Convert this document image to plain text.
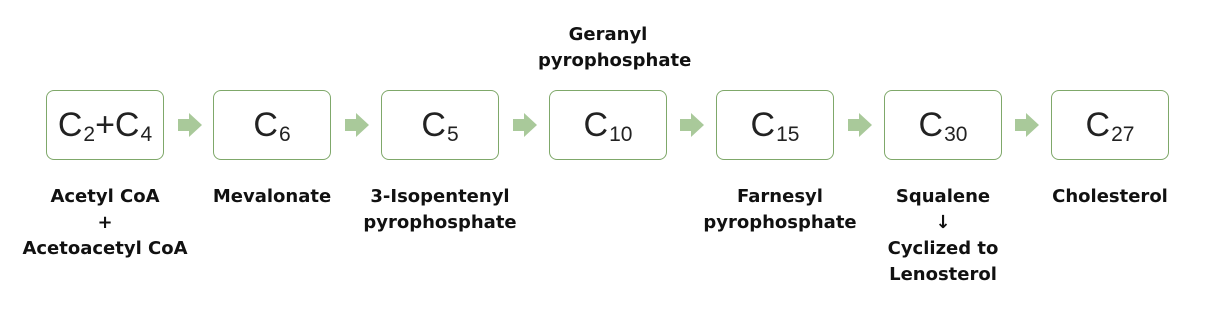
C 2 +C 4	C 6	C 5	C 10	C 15	C 30	C 27
Geranyl
pyrophosphate
Acetyl CoA
+
Acetoacetyl CoA
Mevalonate	3-Isopentenyl
pyrophosphate
Farnesyl
pyrophosphate
Squalene
↓
Cyclized to
Lenosterol
Cholesterol
